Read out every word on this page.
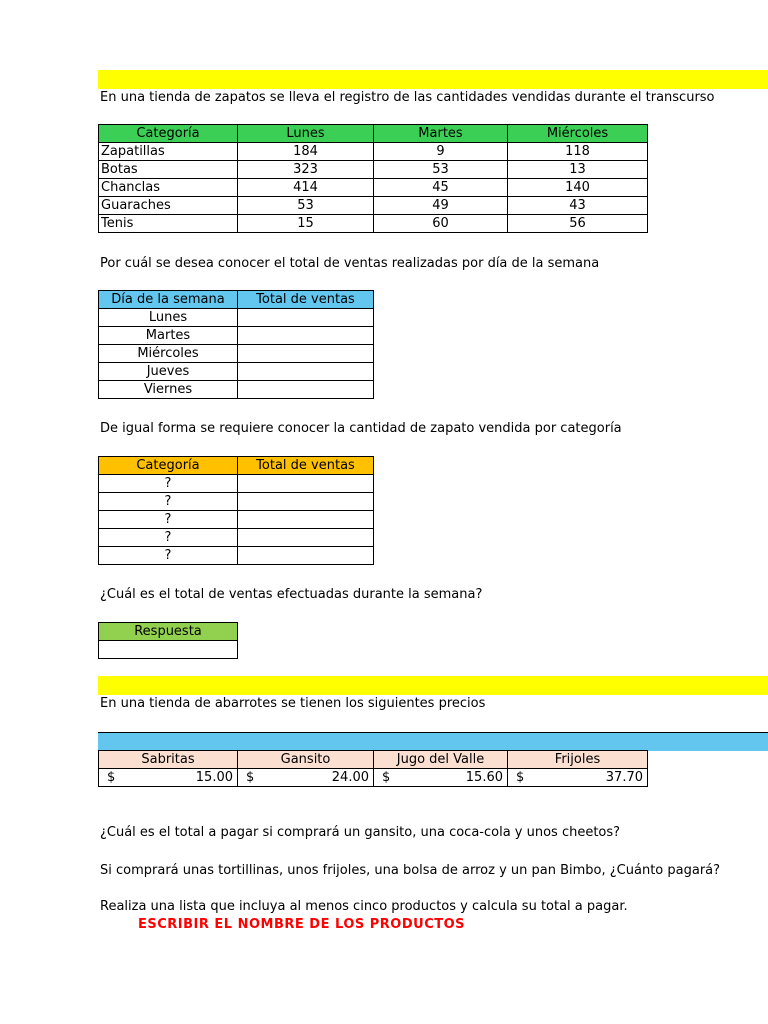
En una tienda de zapatos se lleva el registro de las cantidades vendidas durante el transcurso
Categoría	Lunes	Martes	Miércoles
Zapatillas	184	9	118
Botas	323	53	13
Chanclas	414	45	140
Guaraches	53	49	43
Tenis	15	60	56
Por cuál se desea conocer el total de ventas realizadas por día de la semana
Día de la semana	Total de ventas
Lunes	
Martes	
Miércoles	
Jueves	
Viernes	
De igual forma se requiere conocer la cantidad de zapato vendida por categoría
Categoría	Total de ventas
?	
?	
?	
?	
?	
¿Cuál es el total de ventas efectuadas durante la semana?
Respuesta

En una tienda de abarrotes se tienen los siguientes precios
Sabritas	Gansito	Jugo del Valle	Frijoles

$ 15.00	$ 24.00	$ 15.60	$ 37.70
¿Cuál es el total a pagar si comprará un gansito, una coca-cola y unos cheetos?
Si comprará unas tortillinas, unos frijoles, una bolsa de arroz y un pan Bimbo, ¿Cuánto pagará?
Realiza una lista que incluya al menos cinco productos y calcula su total a pagar.
ESCRIBIR EL NOMBRE DE LOS PRODUCTOS
